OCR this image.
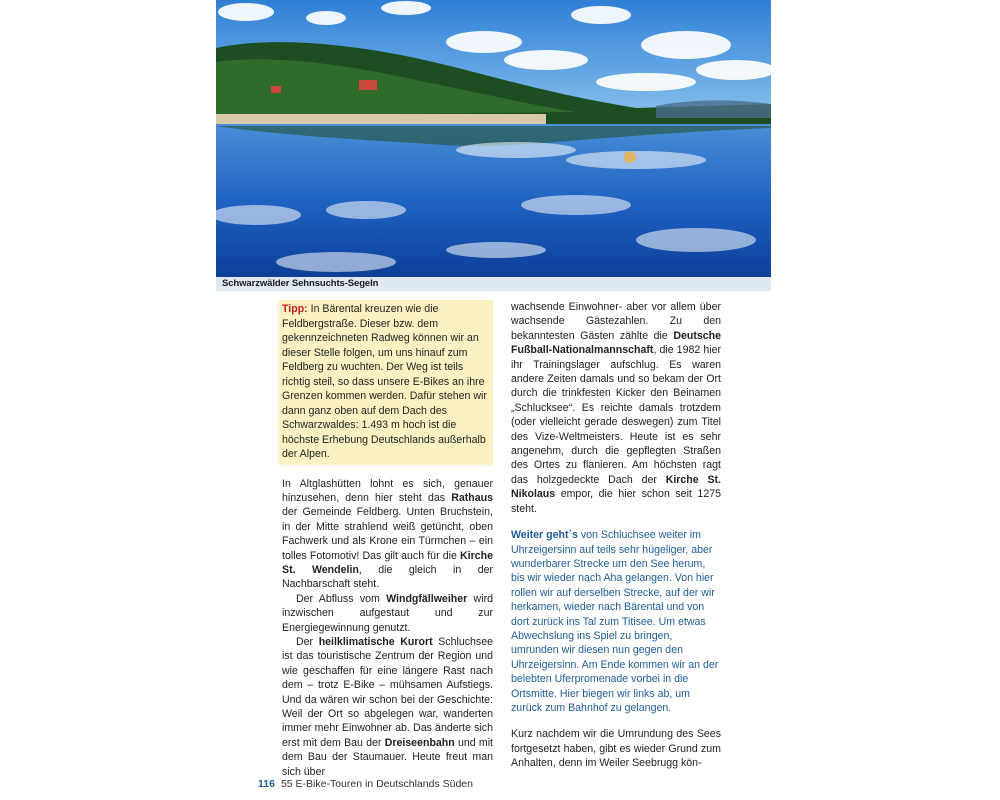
Schwarzwälder Sehnsuchts-Segeln
Tipp: In Bärental kreuzen wie die Feldbergstraße. Dieser bzw. dem gekennzeichneten Radweg können wir an dieser Stelle folgen, um uns hinauf zum Feldberg zu wuchten. Der Weg ist teils richtig steil, so dass unsere E-Bikes an ihre Grenzen kommen werden. Dafür stehen wir dann ganz oben auf dem Dach des Schwarzwaldes: 1.493 m hoch ist die höchste Erhebung Deutschlands außerhalb der Alpen.

In Altglashütten lohnt es sich, genauer hinzusehen, denn hier steht das Rathaus der Gemeinde Feldberg. Unten Bruchstein, in der Mitte strahlend weiß getüncht, oben Fachwerk und als Krone ein Türmchen – ein tolles Fotomotiv! Das gilt auch für die Kirche St. Wendelin, die gleich in der Nachbarschaft steht.

Der Abfluss vom Windgfällweiher wird inzwischen aufgestaut und zur Energiegewinnung genutzt.

Der heilklimatische Kurort Schluchsee ist das touristische Zentrum der Region und wie geschaffen für eine längere Rast nach dem – trotz E-Bike – mühsamen Aufstiegs. Und da wären wir schon bei der Geschichte: Weil der Ort so abgelegen war, wanderten immer mehr Einwohner ab. Das änderte sich erst mit dem Bau der Dreiseenbahn und mit dem Bau der Staumauer. Heute freut man sich über

wachsende Einwohner- aber vor allem über wachsende Gästezahlen. Zu den bekanntesten Gästen zählte die Deutsche Fußball-Nationalmannschaft, die 1982 hier ihr Trainingslager aufschlug. Es waren andere Zeiten damals und so bekam der Ort durch die trinkfesten Kicker den Beinamen „Schlucksee“. Es reichte damals trotzdem (oder vielleicht gerade deswegen) zum Titel des Vize-Weltmeisters. Heute ist es sehr angenehm, durch die gepflegten Straßen des Ortes zu flanieren. Am höchsten ragt das holzgedeckte Dach der Kirche St. Nikolaus empor, die hier schon seit 1275 steht.

Weiter geht´s von Schluchsee weiter im Uhrzeigersinn auf teils sehr hügeliger, aber wunderbarer Strecke um den See herum, bis wir wieder nach Aha gelangen. Von hier rollen wir auf derselben Strecke, auf der wir herkamen, wieder nach Bärental und von dort zurück ins Tal zum Titisee. Um etwas Abwechslung ins Spiel zu bringen, umrunden wir diesen nun gegen den Uhrzeigersinn. Am Ende kommen wir an der belebten Uferpromenade vorbei in die Ortsmitte. Hier biegen wir links ab, um zurück zum Bahnhof zu gelangen.

Kurz nachdem wir die Umrundung des Sees fortgesetzt haben, gibt es wieder Grund zum Anhalten, denn im Weiler Seebrugg kön-

116 55 E-Bike-Touren in Deutschlands Süden
